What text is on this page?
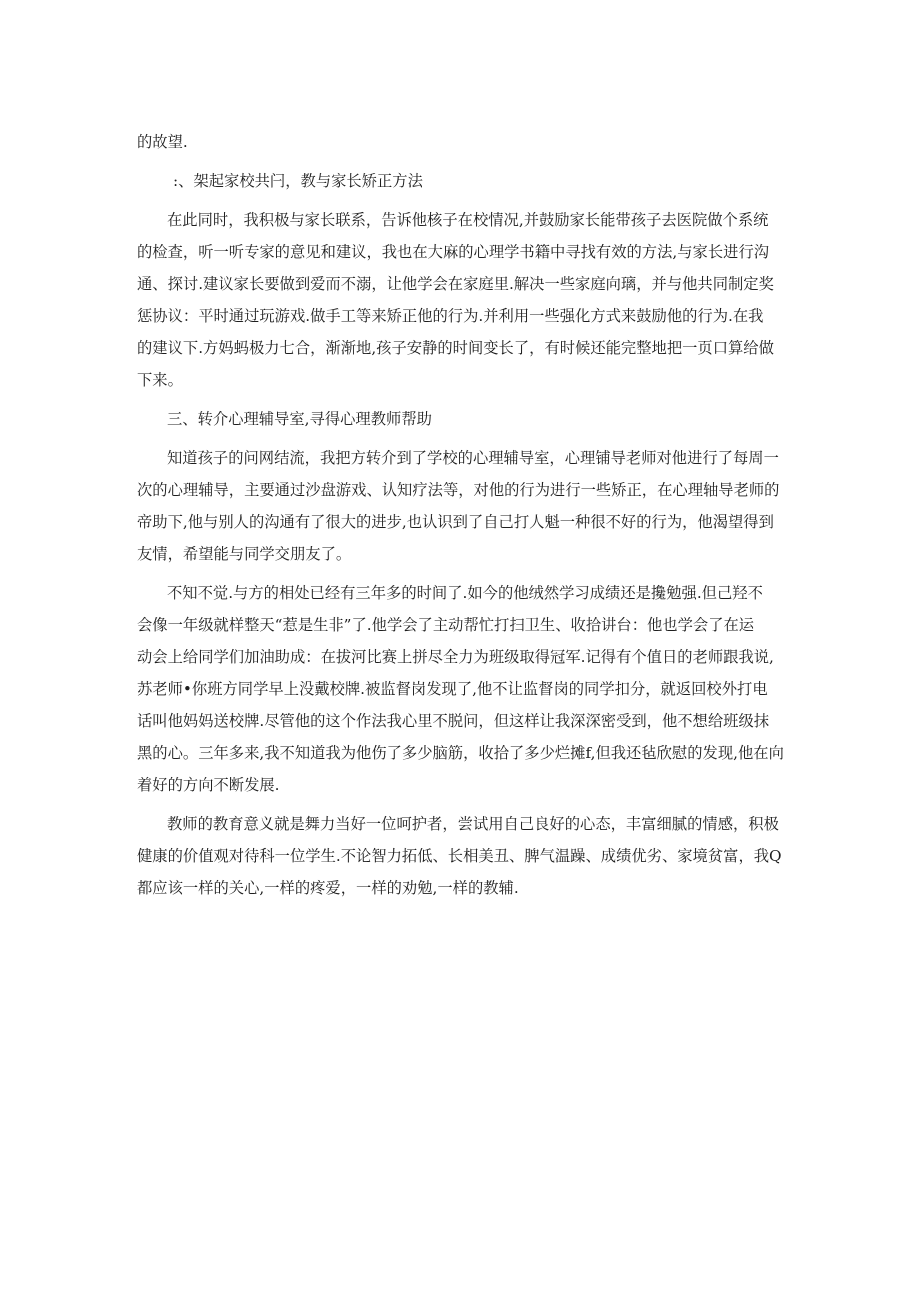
的故望.
:、架起家校共闩，教与家长矫正方法
在此同时，我积极与家长联系，告诉他核子在校情况,并鼓励家长能带孩子去医院做个系统
的检查，听一听专家的意见和建议，我也在大麻的心理学书籍中寻找有效的方法,与家长进行沟
通、探讨.建议家长要做到爱而不溺，让他学会在家庭里.解决一些家庭向璃，并与他共同制定奖
惩协议：平时通过玩游戏.做手工等来矫正他的行为.并利用一些强化方式来鼓励他的行为.在我
的建议下.方妈蚂极力七合，渐渐地,孩子安静的时间变长了，有时候还能完整地把一页口算给做
下来。
三、转介心理辅导室,寻得心理教师帮助
知道孩子的问网结流，我把方转介到了学校的心理辅导室，心理铺导老师对他进行了每周一
次的心理辅导，主要通过沙盘游戏、认知疗法等，对他的行为进行一些矫正，在心理轴导老师的
帝助下,他与别人的沟通有了很大的进步,也认识到了自己打人魁一种很不好的行为，他渴望得到
友情，希望能与同学交朋友了。
不知不觉.与方的相处已经有三年多的时间了.如今的他绒然学习成绩还是攙勉强.但己羟不
会像一年级就样整天“惹是生非”了.他学会了主动帮忙打扫卫生、收拾讲台：他也学会了在运
动会上给同学们加油助成：在拔河比赛上拼尽全力为班级取得冠军.记得有个值日的老师跟我说,
苏老师•你班方同学早上没戴校牌.被监督岗发现了,他不让监督岗的同学扣分，就返回校外打电
话叫他妈妈送校牌.尽管他的这个作法我心里不脱问，但这样让我深深密受到，他不想给班级抹
黑的心。三年多来,我不知道我为他伤了多少脑筋，收拾了多少烂摊f,但我还毡欣慰的发现,他在向
着好的方向不断发展.
教师的教育意义就是舞力当好一位呵护者，尝试用自己良好的心态，丰富细腻的情感，积极
健康的价值观对待科一位学生.不论智力拓低、长相美丑、脾气温躁、成绩优劣、家境贫富，我Q
都应该一样的关心,一样的疼爱，一样的劝勉,一样的教辅.
